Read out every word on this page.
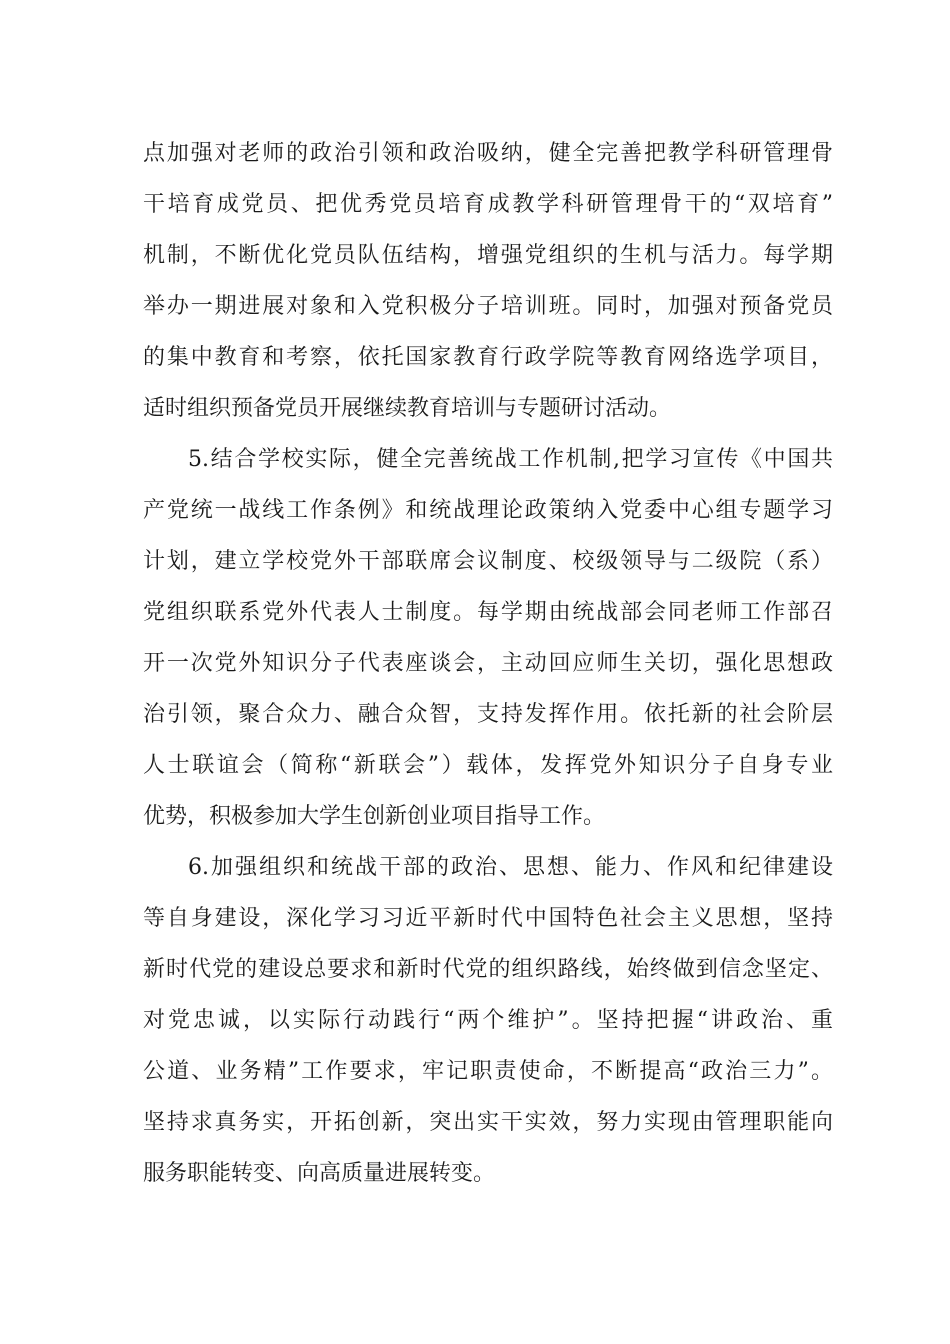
点加强对老师的政治引领和政治吸纳，健全完善把教学科研管理骨
干培育成党员、把优秀党员培育成教学科研管理骨干的“双培育”
机制，不断优化党员队伍结构，增强党组织的生机与活力。每学期
举办一期进展对象和入党积极分子培训班。同时，加强对预备党员
的集中教育和考察，依托国家教育行政学院等教育网络选学项目，
适时组织预备党员开展继续教育培训与专题研讨活动。
5.结合学校实际，健全完善统战工作机制,把学习宣传《中国共
产党统一战线工作条例》和统战理论政策纳入党委中心组专题学习
计划，建立学校党外干部联席会议制度、校级领导与二级院（系）
党组织联系党外代表人士制度。每学期由统战部会同老师工作部召
开一次党外知识分子代表座谈会，主动回应师生关切，强化思想政
治引领，聚合众力、融合众智，支持发挥作用。依托新的社会阶层
人士联谊会（简称“新联会”）载体，发挥党外知识分子自身专业
优势，积极参加大学生创新创业项目指导工作。
6.加强组织和统战干部的政治、思想、能力、作风和纪律建设
等自身建设，深化学习习近平新时代中国特色社会主义思想，坚持
新时代党的建设总要求和新时代党的组织路线，始终做到信念坚定、
对党忠诚，以实际行动践行“两个维护”。坚持把握“讲政治、重
公道、业务精”工作要求，牢记职责使命，不断提高“政治三力”。
坚持求真务实，开拓创新，突出实干实效，努力实现由管理职能向
服务职能转变、向高质量进展转变。
